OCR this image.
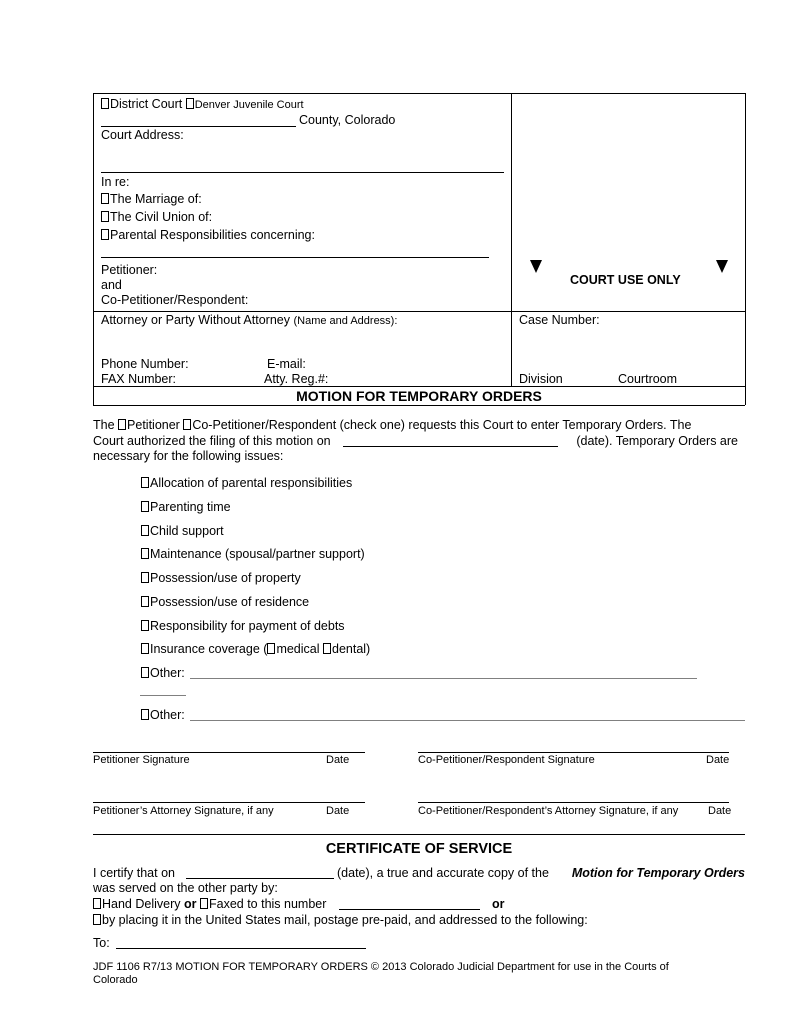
District Court Denver Juvenile Court
County, Colorado
Court Address:
In re:
The Marriage of:
The Civil Union of:
Parental Responsibilities concerning:
Petitioner:
and
Co-Petitioner/Respondent:
COURT USE ONLY
Attorney or Party Without Attorney (Name and Address):
Phone Number:	E-mail:
FAX Number:	Atty. Reg.#:
Case Number:
Division	Courtroom
MOTION FOR TEMPORARY ORDERS
The Petitioner Co-Petitioner/Respondent (check one) requests this Court to enter Temporary Orders. The
Court authorized the filing of this motion on	(date). Temporary Orders are
necessary for the following issues:
Allocation of parental responsibilities
Parenting time
Child support
Maintenance (spousal/partner support)
Possession/use of property
Possession/use of residence
Responsibility for payment of debts
Insurance coverage ( medical dental)
Other:
Other:
Petitioner Signature	Date	Co-Petitioner/Respondent Signature	Date
Petitioner’s Attorney Signature, if any	Date	Co-Petitioner/Respondent’s Attorney Signature, if any	Date
CERTIFICATE OF SERVICE
I certify that on	(date), a true and accurate copy of the Motion for Temporary Orders
was served on the other party by:
Hand Delivery or Faxed to this number	or
by placing it in the United States mail, postage pre-paid, and addressed to the following:
To:
JDF 1106 R7/13 MOTION FOR TEMPORARY ORDERS © 2013 Colorado Judicial Department for use in the Courts of
Colorado
